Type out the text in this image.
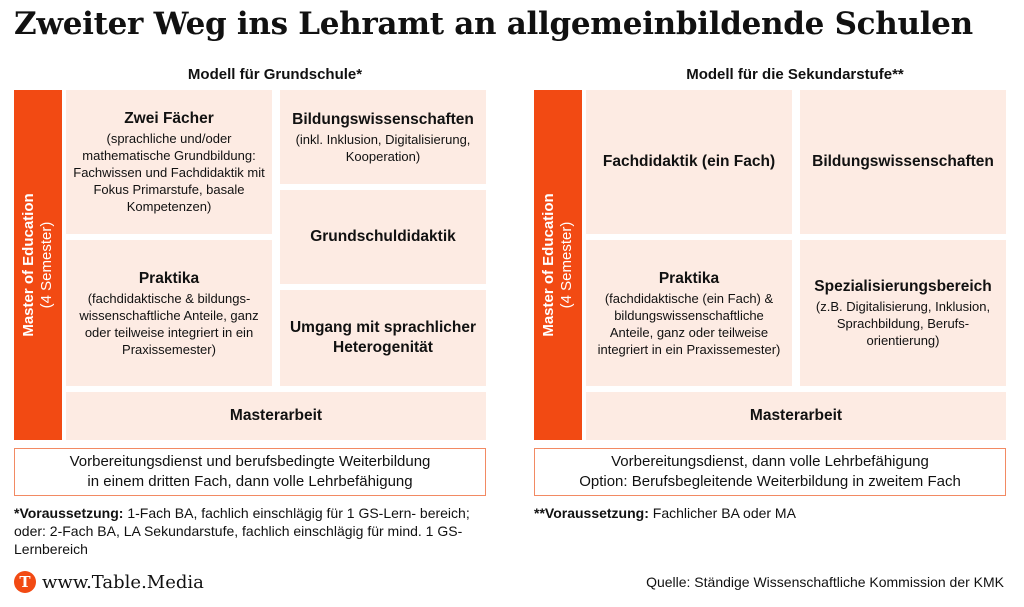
Zweiter Weg ins Lehramt an allgemeinbildende Schulen
Modell für Grundschule*
Master of Education (4 Semester)
Zwei Fächer
(sprachliche und/oder mathematische Grundbildung: Fachwissen und Fachdidaktik mit Fokus Primarstufe, basale Kompetenzen)
Bildungswissenschaften
(inkl. Inklusion, Digitalisierung, Kooperation)
Grundschuldidaktik
Praktika
(fachdidaktische & bildungs- wissenschaftliche Anteile, ganz oder teilweise integriert in ein Praxissemester)
Umgang mit sprachlicher Heterogenität
Masterarbeit
Vorbereitungsdienst und berufsbedingte Weiterbildung
in einem dritten Fach, dann volle Lehrbefähigung
*Voraussetzung: 1-Fach BA, fachlich einschlägig für 1 GS-Lern- bereich; oder: 2-Fach BA, LA Sekundarstufe, fachlich einschlägig für mind. 1 GS-Lernbereich
Modell für die Sekundarstufe**
Master of Education (4 Semester)
Fachdidaktik (ein Fach) Bildungswissenschaften
Praktika
(fachdidaktische (ein Fach) & bildungswissenschaftliche Anteile, ganz oder teilweise integriert in ein Praxissemester)
Spezialisierungsbereich
(z.B. Digitalisierung, Inklusion, Sprachbildung, Berufs- orientierung)
Masterarbeit
Vorbereitungsdienst, dann volle Lehrbefähigung
Option: Berufsbegleitende Weiterbildung in zweitem Fach
**Voraussetzung: Fachlicher BA oder MA
T www.Table.Media	Quelle: Ständige Wissenschaftliche Kommission der KMK
